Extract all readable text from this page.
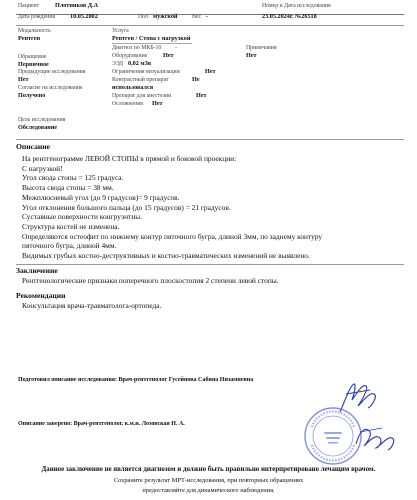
Пациент	Плотников Д.А
Дата рождения 10.05.2002	Пол мужской	Вес -
Номер и Дата исследования
23.05.2024г. №26518
Модальность
Рентген
Обращение
Первичное
Предыдущие исследования
Нет
Согласие на исследование
Получено
Цель исследования
Обследование
Услуга
Рентген / Стопа с нагрузкой
Диагноз по МКБ-10 -
Оборудование	Нет
ЭЭД 0,02 мЗв
Ограничения визуализации	Нет
Контрастный препарат	Не
использовался
Препарат для анестезии	Нет
Осложнения Нет
Примечания
Нет
Описание
На рентгенограмме ЛЕВОЙ СТОПЫ в прямой и боковой проекции:
С нагрузкой!
Угол свода стопы = 125 градуса.
Высота свода стопы = 38 мм.
Межплюсневый угол (до 9 градусов)= 9 градусов.
Угол отклонения большого пальца (до 15 градусов) = 21 градусов.
Суставные поверхности конгруэнтны.
Структура костей не изменена.
Определяются остеофит по нижнему контур пяточного бугра, длиной 3мм, по заднему контуру
пяточного бугра, длиной 4мм.
Видимых грубых костно-деструктивных и костно-травматических изменений не выявлено.
Заключение
Рентгенологические признаки поперечного плоскостопия 2 степени левой стопы.
Рекомендации
Консультация врача-травматолога-ортопеда.
Подготовил описание исследования: Врач-рентгенолог Гусейнова Сабина Низамиевна
Описание заверено: Врач-рентгенолог, к.м.н. Лозовская Н. А.
Данное заключение не является диагнозом и должно быть правильно интерпретировано лечащим врачом.
Сохраните результат МРТ-исследования, при повторных обращениях
предоставляйте для динамического наблюдения.
